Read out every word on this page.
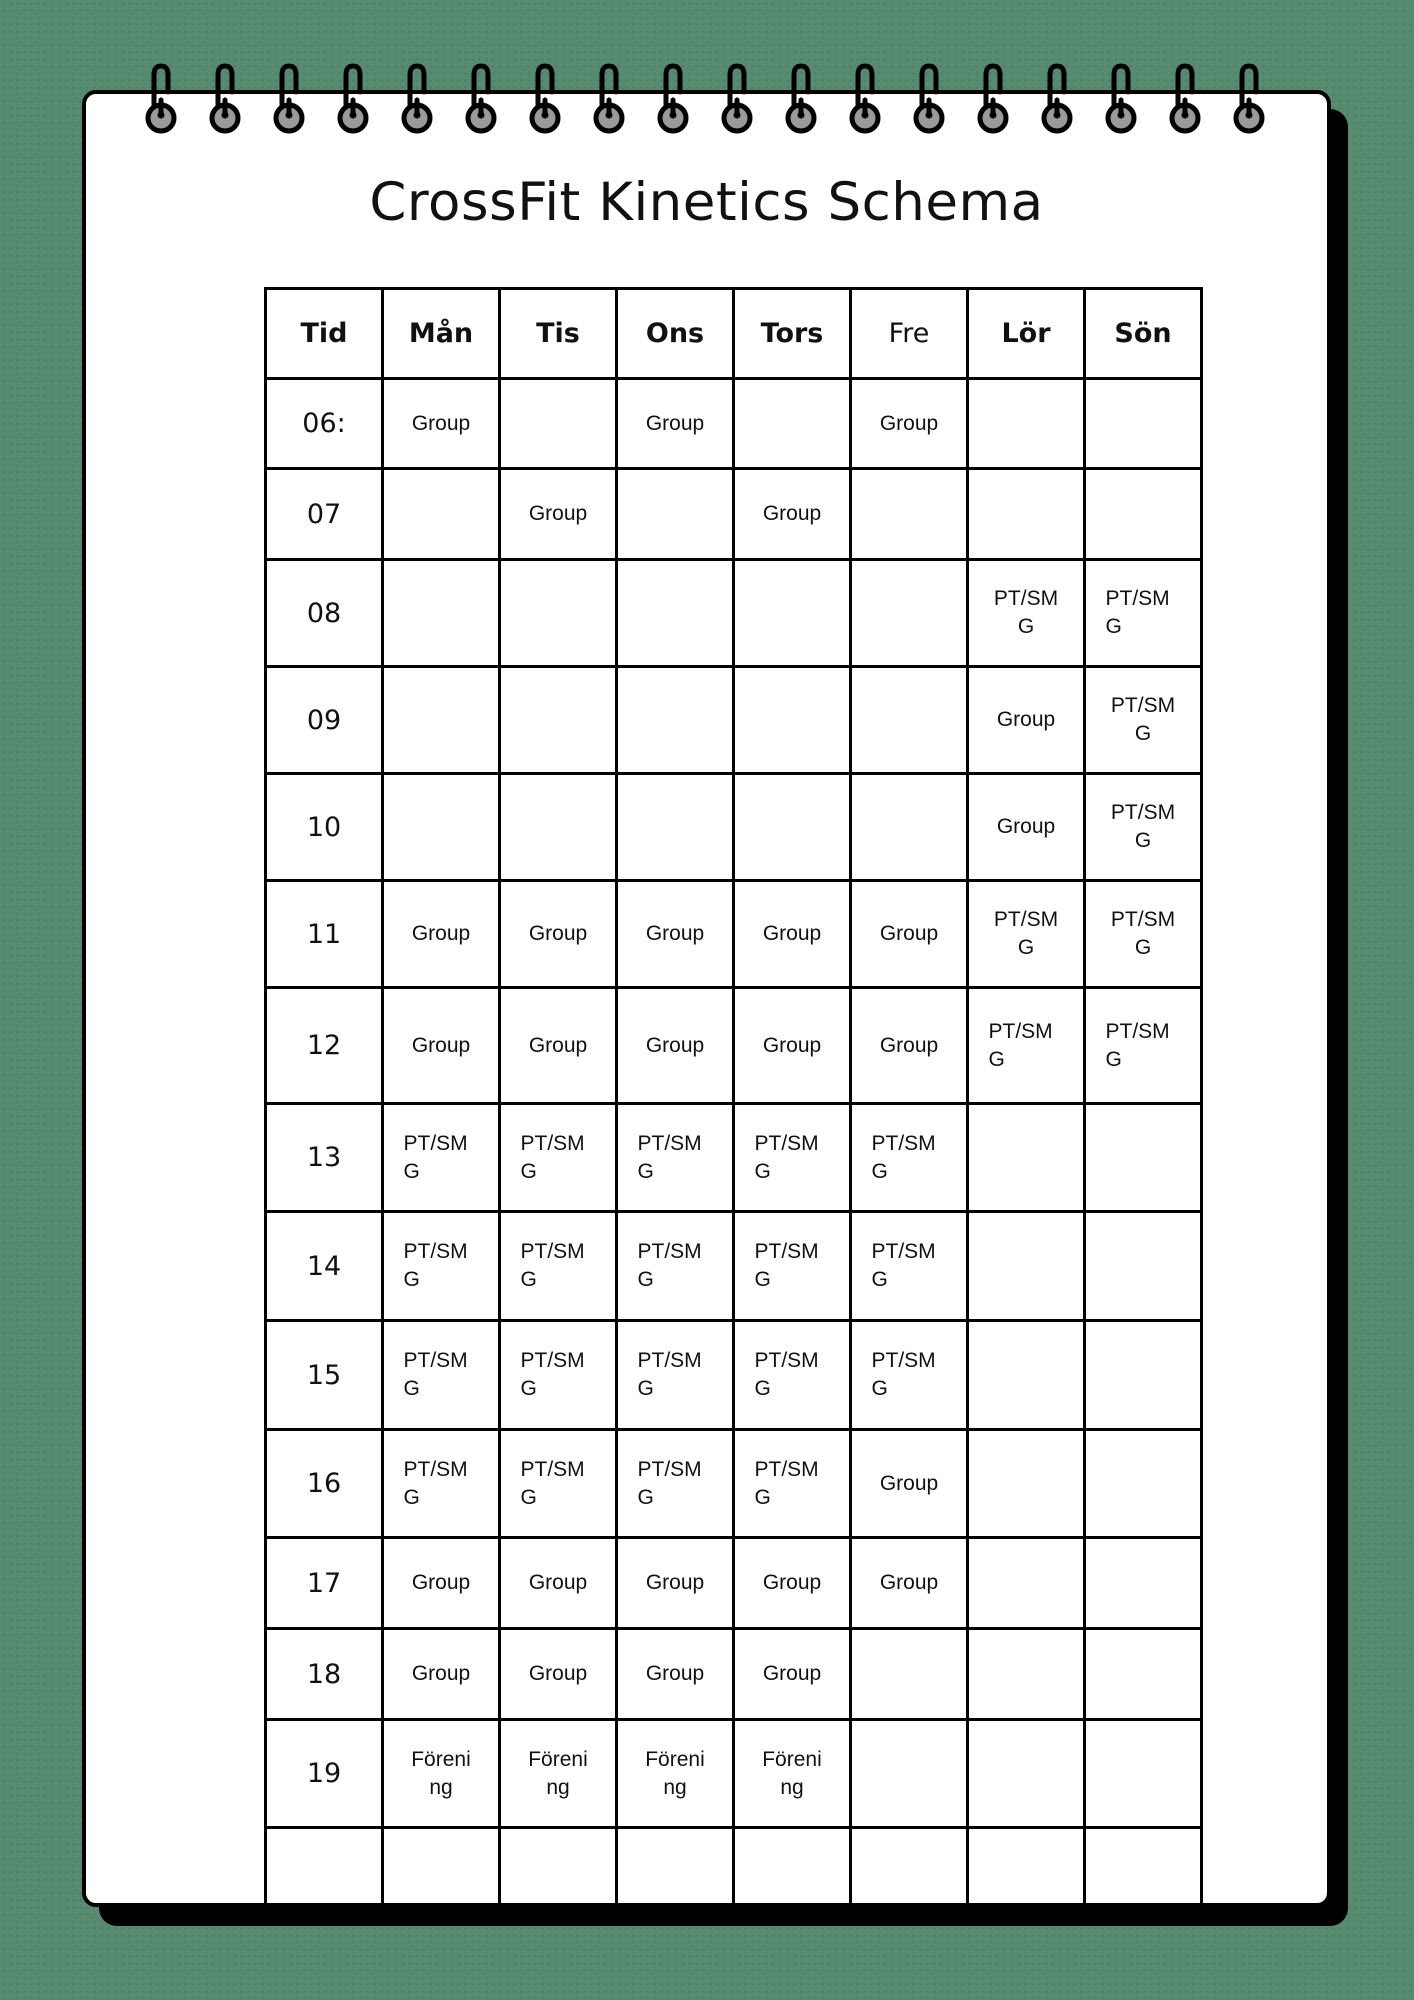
CrossFit Kinetics Schema
Tid	Mån	Tis	Ons	Tors	Fre	Lör	Sön
06:	Group		Group		Group		

07		Group		Group			

08						PT/SMG	PT/SMG

09						Group	PT/SMG

10						Group	PT/SMG

11	Group	Group	Group	Group	Group	PT/SMG	PT/SMG

12	Group	Group	Group	Group	Group	PT/SMG	PT/SMG

13	PT/SMG	PT/SMG	PT/SMG	PT/SMG	PT/SMG		

14	PT/SMG	PT/SMG	PT/SMG	PT/SMG	PT/SMG		

15	PT/SMG	PT/SMG	PT/SMG	PT/SMG	PT/SMG		

16	PT/SMG	PT/SMG	PT/SMG	PT/SMG	Group		

17	Group	Group	Group	Group	Group		

18	Group	Group	Group	Group			

19	Förening	Förening	Förening	Förening			
